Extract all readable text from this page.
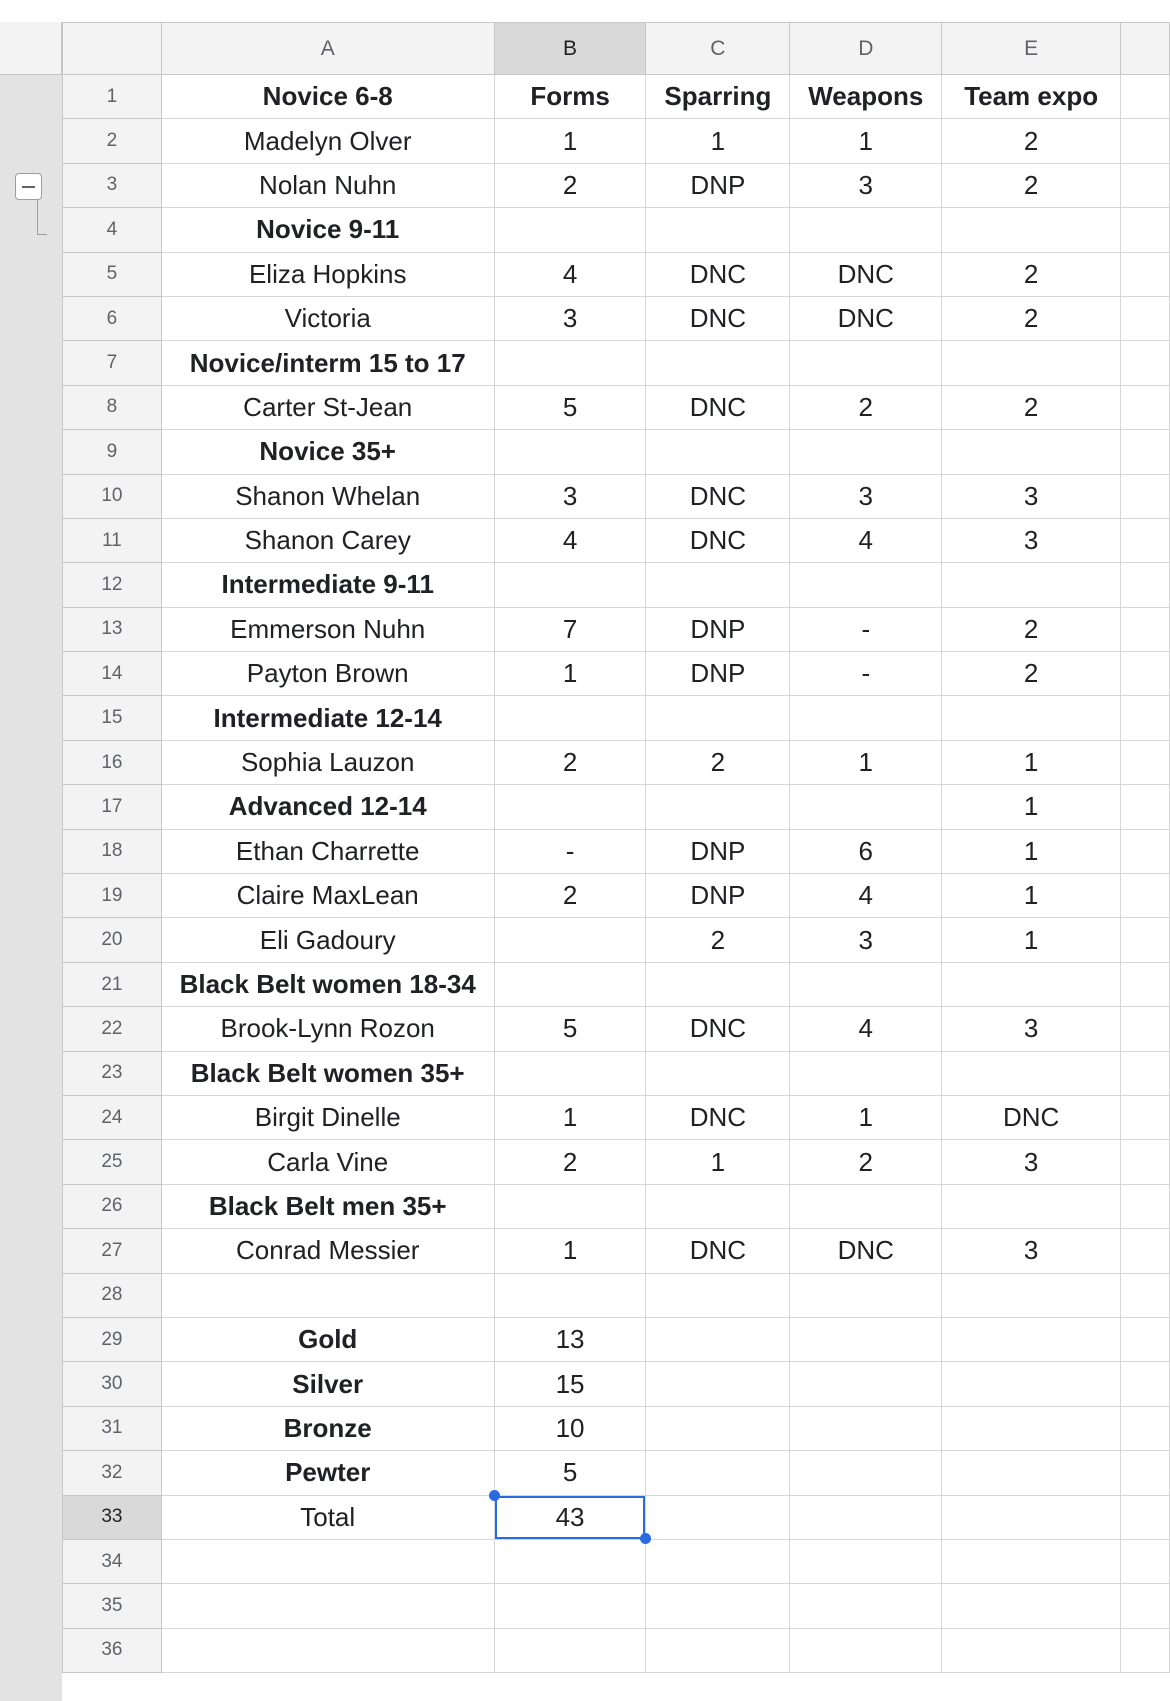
	A	B	C	D	E	
1	Novice 6-8	Forms	Sparring	Weapons	Team expo	
2	Madelyn Olver	1	1	1	2	
3	Nolan Nuhn	2	DNP	3	2	
4	Novice 9-11					
5	Eliza Hopkins	4	DNC	DNC	2	
6	Victoria	3	DNC	DNC	2	
7	Novice/interm 15 to 17					
8	Carter St-Jean	5	DNC	2	2	
9	Novice 35+					
10	Shanon Whelan	3	DNC	3	3	
11	Shanon Carey	4	DNC	4	3	
12	Intermediate 9-11					
13	Emmerson Nuhn	7	DNP	-	2	
14	Payton Brown	1	DNP	-	2	
15	Intermediate 12-14					
16	Sophia Lauzon	2	2	1	1	
17	Advanced 12-14				1	
18	Ethan Charrette	-	DNP	6	1	
19	Claire MaxLean	2	DNP	4	1	
20	Eli Gadoury		2	3	1	
21	Black Belt women 18-34					
22	Brook-Lynn Rozon	5	DNC	4	3	
23	Black Belt women 35+					
24	Birgit Dinelle	1	DNC	1	DNC	
25	Carla Vine	2	1	2	3	
26	Black Belt men 35+					
27	Conrad Messier	1	DNC	DNC	3	
28						
29	Gold	13				
30	Silver	15				
31	Bronze	10				
32	Pewter	5				
33	Total	43				
34						
35						
36						
